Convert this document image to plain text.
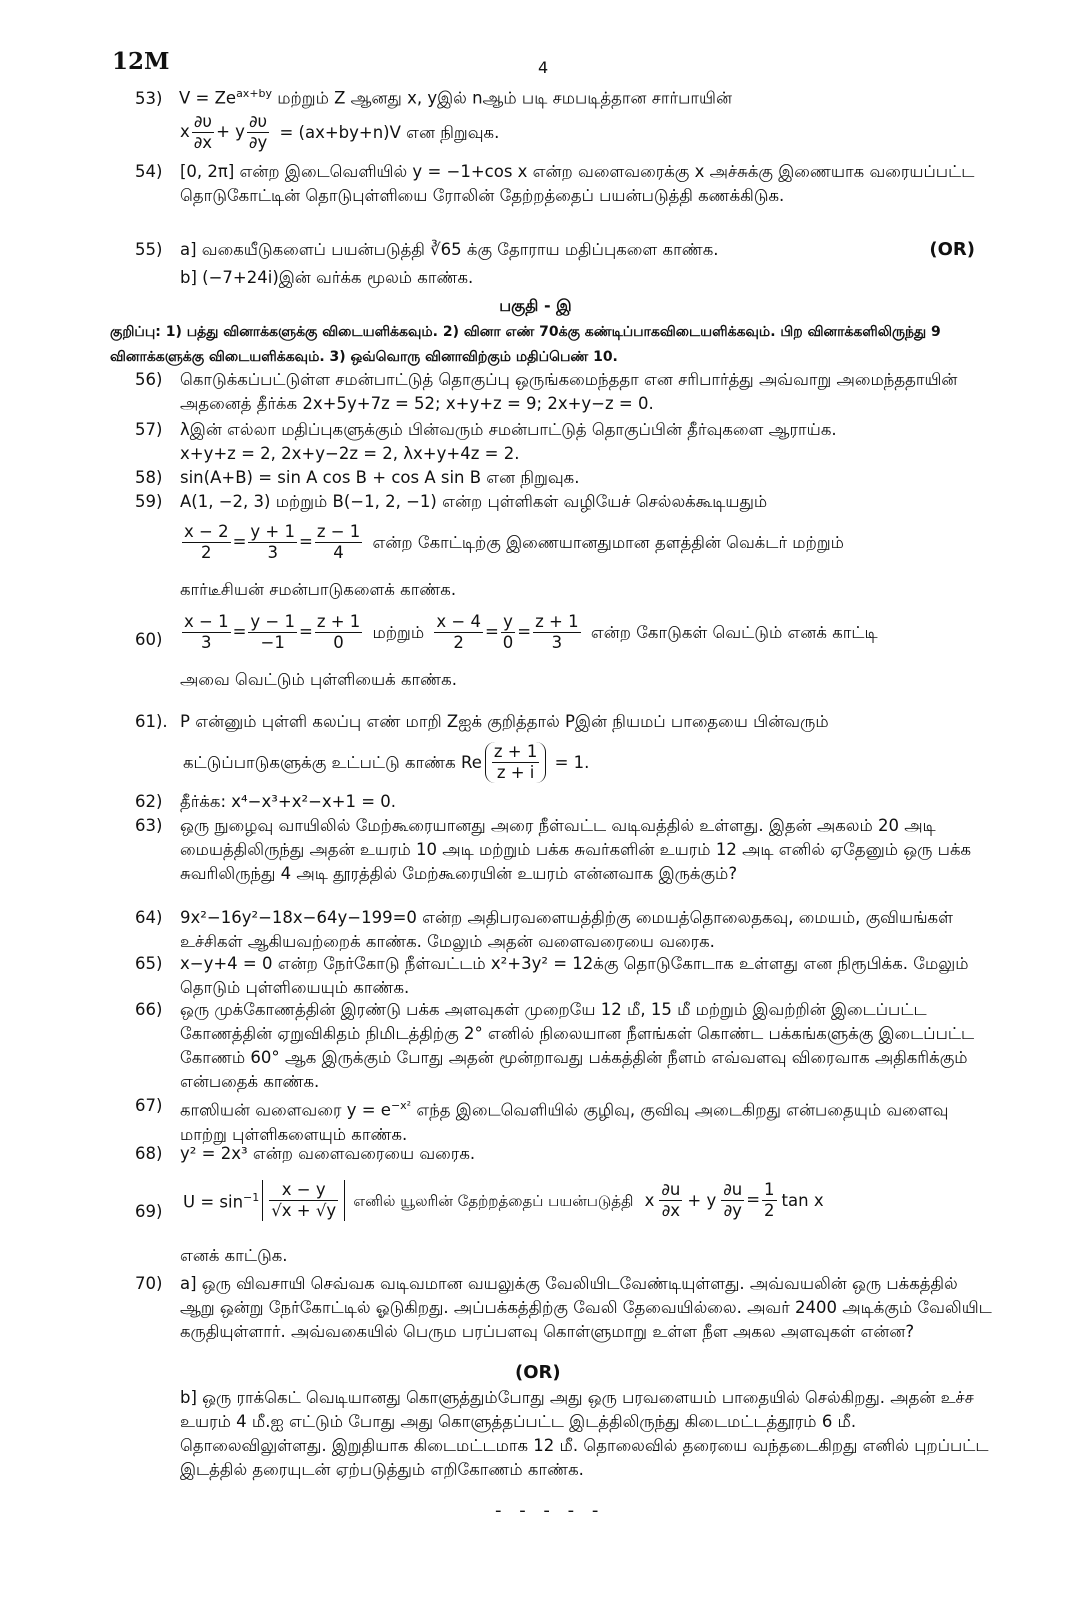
12M	4
53) $V = Ze^{ax+by}$ மற்றும் Z ஆனது x, yஇல் nஆம் படி சமபடித்தான சார்பாயின்
x $\frac{\partial\upsilon}{\partial x} + y \frac{\partial\upsilon}{\partial y} = (ax+by+n)V$ என நிறுவுக.
54)	[0, 2π] என்ற இடைவெளியில் y = −1+cos x என்ற வளைவரைக்கு x அச்சுக்கு இணையாக வரையப்பட்ட தொடுகோட்டின் தொடுபுள்ளியை ரோலின் தேற்றத்தைப் பயன்படுத்தி கணக்கிடுக.
55)	a] வகையீடுகளைப் பயன்படுத்தி ∛65 க்கு தோராய மதிப்புகளை காண்க.	(OR)
b] (−7+24i)இன் வர்க்க மூலம் காண்க.
பகுதி - இ
குறிப்பு: 1) பத்து வினாக்களுக்கு விடையளிக்கவும். 2) வினா எண் 70க்கு கண்டிப்பாகவிடையளிக்கவும். பிற வினாக்களிலிருந்து 9 வினாக்களுக்கு விடையளிக்கவும். 3) ஒவ்வொரு வினாவிற்கும் மதிப்பெண் 10.
56)	கொடுக்கப்பட்டுள்ள சமன்பாட்டுத் தொகுப்பு ஒருங்கமைந்ததா என சரிபார்த்து அவ்வாறு அமைந்ததாயின் அதனைத் தீர்க்க 2x+5y+7z = 52; x+y+z = 9; 2x+y−z = 0.
57)	λஇன் எல்லா மதிப்புகளுக்கும் பின்வரும் சமன்பாட்டுத் தொகுப்பின் தீர்வுகளை ஆராய்க.
x+y+z = 2, 2x+y−2z = 2, λx+y+4z = 2.
58)	sin(A+B) = sin A cos B + cos A sin B என நிறுவுக.
59)	A(1, −2, 3) மற்றும் B(−1, 2, −1) என்ற புள்ளிகள் வழியேச் செல்லக்கூடியதும்
$\frac{x - 2}{2} = \frac{y + 1}{3} = \frac{z - 1}{4}$ என்ற கோட்டிற்கு இணையானதுமான தளத்தின் வெக்டர் மற்றும்
கார்டீசியன் சமன்பாடுகளைக் காண்க.
60)	$\frac{x - 1}{3} = \frac{y - 1}{-1} = \frac{z + 1}{0}$ மற்றும் $\frac{x - 4}{2} = \frac{y}{0} = \frac{z + 1}{3}$ என்ற கோடுகள் வெட்டும் எனக் காட்டி
அவை வெட்டும் புள்ளியைக் காண்க.
61). P என்னும் புள்ளி கலப்பு எண் மாறி Zஐக் குறித்தால் Pஇன் நியமப் பாதையை பின்வரும்
கட்டுப்பாடுகளுக்கு உட்பட்டு காண்க Re $\frac{z + 1}{z + i} = 1$.
62)	தீர்க்க: x⁴−x³+x²−x+1 = 0.
63)	ஒரு நுழைவு வாயிலில் மேற்கூரையானது அரை நீள்வட்ட வடிவத்தில் உள்ளது. இதன் அகலம் 20 அடி மையத்திலிருந்து அதன் உயரம் 10 அடி மற்றும் பக்க சுவர்களின் உயரம் 12 அடி எனில் ஏதேனும் ஒரு பக்க சுவரிலிருந்து 4 அடி தூரத்தில் மேற்கூரையின் உயரம் என்னவாக இருக்கும்?
64)	9x²−16y²−18x−64y−199=0 என்ற அதிபரவளையத்திற்கு மையத்தொலைதகவு, மையம், குவியங்கள் உச்சிகள் ஆகியவற்றைக் காண்க. மேலும் அதன் வளைவரையை வரைக.
65)	x−y+4 = 0 என்ற நேர்கோடு நீள்வட்டம் x²+3y² = 12க்கு தொடுகோடாக உள்ளது என நிரூபிக்க. மேலும் தொடும் புள்ளியையும் காண்க.
66)	ஒரு முக்கோணத்தின் இரண்டு பக்க அளவுகள் முறையே 12 மீ, 15 மீ மற்றும் இவற்றின் இடைப்பட்ட கோணத்தின் ஏறுவிகிதம் நிமிடத்திற்கு 2° எனில் நிலையான நீளங்கள் கொண்ட பக்கங்களுக்கு இடைப்பட்ட கோணம் 60° ஆக இருக்கும் போது அதன் மூன்றாவது பக்கத்தின் நீளம் எவ்வளவு விரைவாக அதிகரிக்கும் என்பதைக் காண்க.
67)	காஸியன் வளைவரை $y = e^{-x^2}$ எந்த இடைவெளியில் குழிவு, குவிவு அடைகிறது என்பதையும் வளைவு மாற்று புள்ளிகளையும் காண்க.
68)	y² = 2x³ என்ற வளைவரையை வரைக.
69)	$U = \sin^{-1} \frac{x - y}{√x + √y}$ எனில் யூலரின் தேற்றத்தைப் பயன்படுத்தி x $\frac{\partial u}{\partial x} + y \frac{\partial u}{\partial y} = \frac{1}{2}$ tan x
எனக் காட்டுக.
70)	a] ஒரு விவசாயி செவ்வக வடிவமான வயலுக்கு வேலியிடவேண்டியுள்ளது. அவ்வயலின் ஒரு பக்கத்தில் ஆறு ஒன்று நேர்கோட்டில் ஓடுகிறது. அப்பக்கத்திற்கு வேலி தேவையில்லை. அவர் 2400 அடிக்கும் வேலியிட கருதியுள்ளார். அவ்வகையில் பெரும பரப்பளவு கொள்ளுமாறு உள்ள நீள அகல அளவுகள் என்ன?
(OR)
b] ஒரு ராக்கெட் வெடியானது கொளுத்தும்போது அது ஒரு பரவளையம் பாதையில் செல்கிறது. அதன் உச்ச உயரம் 4 மீ.ஐ எட்டும் போது அது கொளுத்தப்பட்ட இடத்திலிருந்து கிடைமட்டத்தூரம் 6 மீ. தொலைவிலுள்ளது. இறுதியாக கிடைமட்டமாக 12 மீ. தொலைவில் தரையை வந்தடைகிறது எனில் புறப்பட்ட இடத்தில் தரையுடன் ஏற்படுத்தும் எறிகோணம் காண்க.
- - - - -
